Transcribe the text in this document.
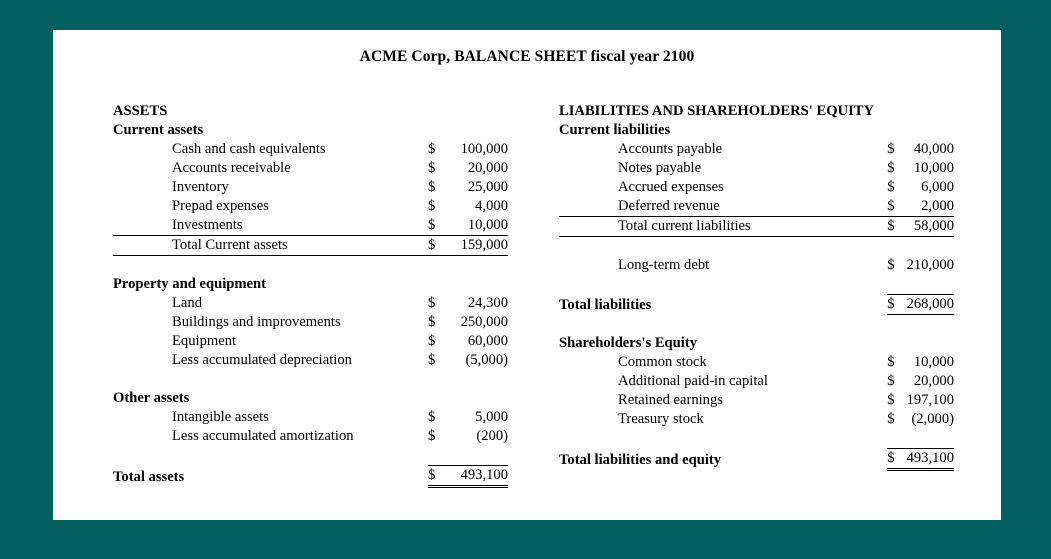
ACME Corp, BALANCE SHEET fiscal year 2100
ASSETS		
Current assets		
Cash and cash equivalents	$	100,000
Accounts receivable	$	20,000
Inventory	$	25,000
Prepad expenses	$	4,000
Investments	$	10,000
Total Current assets	$	159,000

Property and equipment		
Land	$	24,300
Buildings and improvements	$	250,000
Equipment	$	60,000
Less accumulated depreciation	$	(5,000)

Other assets		
Intangible assets	$	5,000
Less accumulated amortization	$	(200)

Total assets	$	493,100
LIABILITIES AND SHAREHOLDERS' EQUITY		
Current liabilities		
Accounts payable	$	40,000
Notes payable	$	10,000
Accrued expenses	$	6,000
Deferred revenue	$	2,000
Total current liabilities	$	58,000

Long-term debt	$	210,000

Total liabilities	$	268,000

Shareholders's Equity		
Common stock	$	10,000
Additional paid-in capital	$	20,000
Retained earnings	$	197,100
Treasury stock	$	(2,000)

Total liabilities and equity	$	493,100
